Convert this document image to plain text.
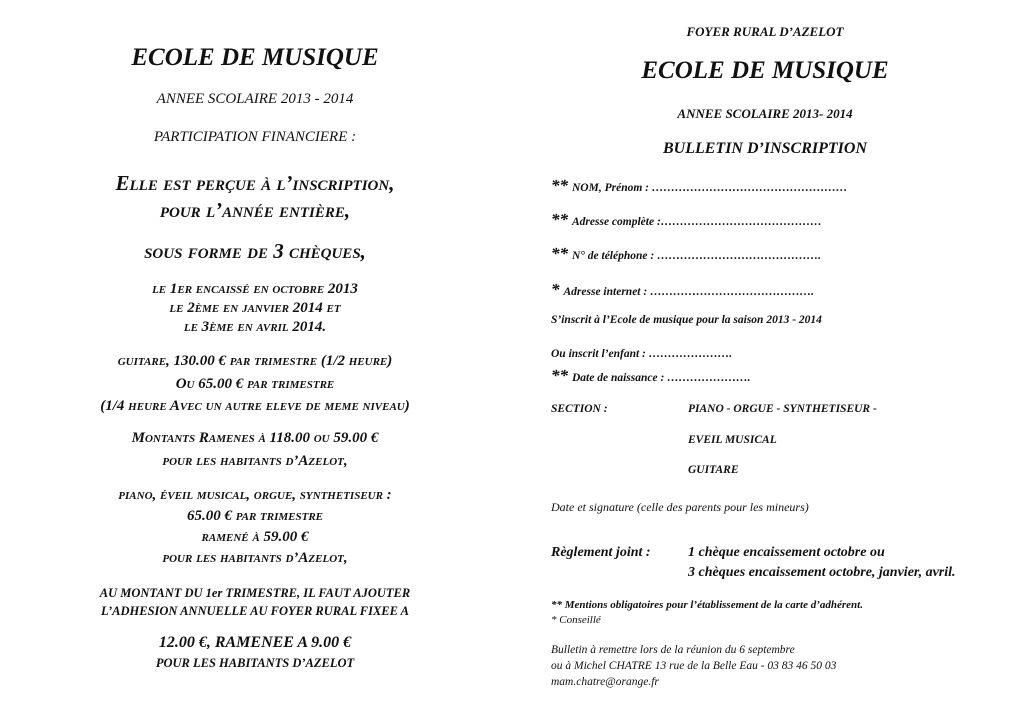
ECOLE DE MUSIQUE
ANNEE SCOLAIRE 2013 - 2014
PARTICIPATION FINANCIERE :
Elle est perçue à l’inscription,
pour l’année entière,
sous forme de 3 chèques,
le 1er encaissé en octobre 2013
le 2ème en janvier 2014 et
le 3ème en avril 2014.
guitare, 130.00 € par trimestre (1/2 heure)
Ou 65.00 € par trimestre
(1/4 heure Avec un autre eleve de meme niveau)
Montants Ramenes à 118.00 ou 59.00 €
pour les habitants d’Azelot,
piano, éveil musical, orgue, synthetiseur :
65.00 € par trimestre
ramené à 59.00 €
pour les habitants d’Azelot,
AU MONTANT DU 1er TRIMESTRE, IL FAUT AJOUTER
L’ADHESION ANNUELLE AU FOYER RURAL FIXEE A
12.00 €, RAMENEE A 9.00 €
POUR LES HABITANTS D’AZELOT
FOYER RURAL D’AZELOT
ECOLE DE MUSIQUE
ANNEE SCOLAIRE 2013- 2014
BULLETIN D’INSCRIPTION
** NOM, Prénom : ……………………………………………
** Adresse complète :……………………………………
** N° de téléphone : …………………………………….
* Adresse internet : …………………………………….
S’inscrit à l’Ecole de musique pour la saison 2013 - 2014
Ou inscrit l’enfant : ………………….
** Date de naissance : ………………….
SECTION :	PIANO - ORGUE - SYNTHETISEUR -
EVEIL MUSICAL
GUITARE
Date et signature (celle des parents pour les mineurs)
Règlement joint :	1 chèque encaissement octobre ou
3 chèques encaissement octobre, janvier, avril.
** Mentions obligatoires pour l’établissement de la carte d’adhérent.
* Conseillé
Bulletin à remettre lors de la réunion du 6 septembre
ou à Michel CHATRE 13 rue de la Belle Eau - 03 83 46 50 03
mam.chatre@orange.fr
